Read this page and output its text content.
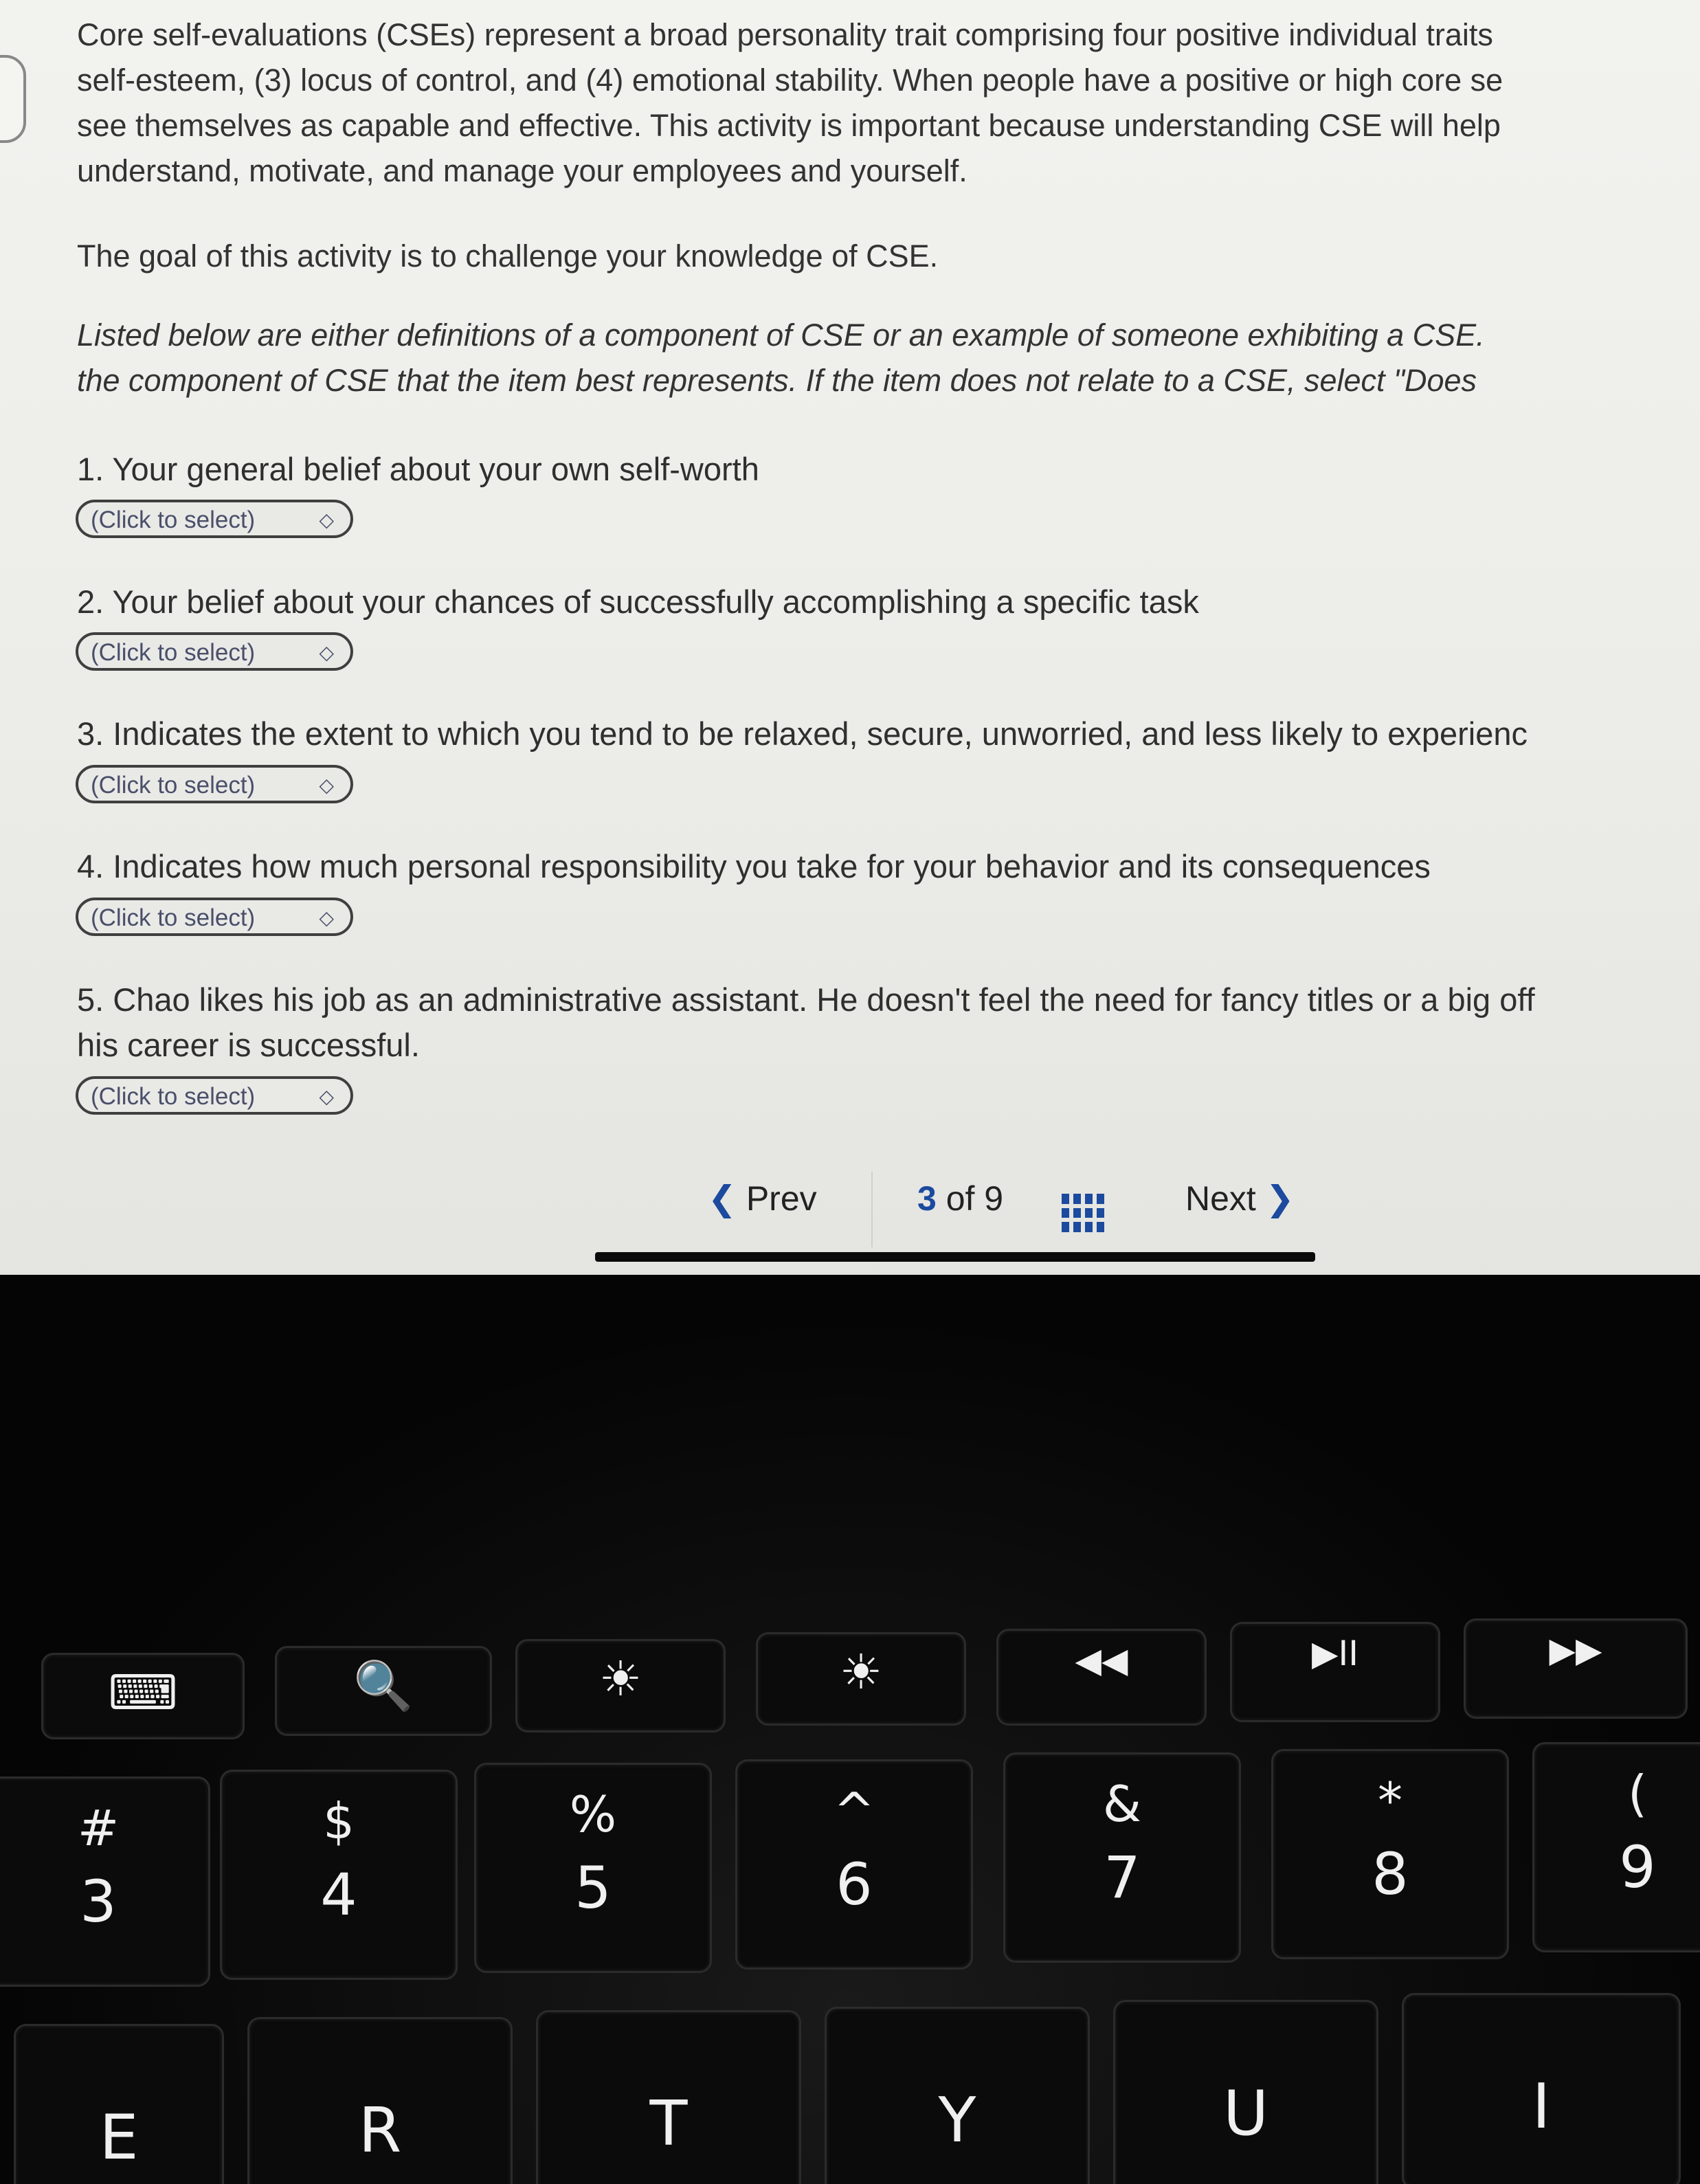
Core self-evaluations (CSEs) represent a broad personality trait comprising four positive individual traits
self-esteem, (3) locus of control, and (4) emotional stability. When people have a positive or high core se
see themselves as capable and effective. This activity is important because understanding CSE will help
understand, motivate, and manage your employees and yourself.
The goal of this activity is to challenge your knowledge of CSE.
Listed below are either definitions of a component of CSE or an example of someone exhibiting a CSE.
the component of CSE that the item best represents. If the item does not relate to a CSE, select "Does
1. Your general belief about your own self-worth
(Click to select)	◇
2. Your belief about your chances of successfully accomplishing a specific task
(Click to select)	◇
3. Indicates the extent to which you tend to be relaxed, secure, unworried, and less likely to experienc
(Click to select)	◇
4. Indicates how much personal responsibility you take for your behavior and its consequences
(Click to select)	◇
5. Chao likes his job as an administrative assistant. He doesn't feel the need for fancy titles or a big off
his career is successful.
(Click to select)	◇
❮ Prev	3 of 9	Next ❯
⌨	🔍	☀	☀	◀◀	▶II	▶▶
#
3
$
4
%
5
^
6
&
7
*
8
(
9
E	R	T	Y	U	I
